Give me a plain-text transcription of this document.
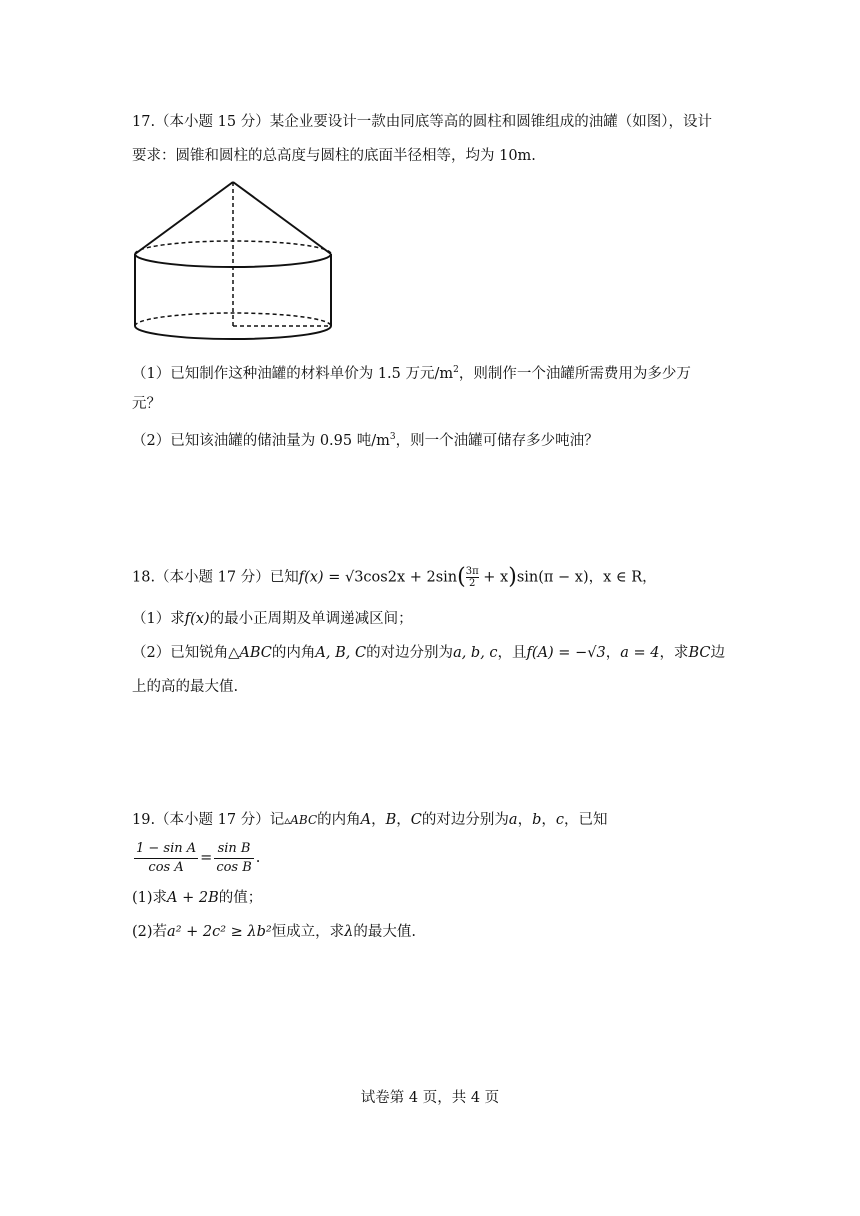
17.（本小题 15 分）某企业要设计一款由同底等高的圆柱和圆锥组成的油罐（如图），设计
要求：圆锥和圆柱的总高度与圆柱的底面半径相等，均为 10m.
（1）已知制作这种油罐的材料单价为 1.5 万元$/m^2$，则制作一个油罐所需费用为多少万
元？
（2）已知该油罐的储油量为 0.95 吨$/m^3$，则一个油罐可储存多少吨油？
18.（本小题 17 分）已知$f(x) = √3\cos 2x + 2\sin( \frac{3\pi}{2} + x)\sin(\pi - x)$，x ∈ R，
（1）求f(x)的最小正周期及单调递减区间；
（2）已知锐角△ABC的内角A, B, C的对边分别为a, b, c，且f(A) = −√3，a = 4，求BC边
上的高的最大值.
19.（本小题 17 分）记▵ABC的内角A，B，C的对边分别为a，b，c，已知
$\frac{\text{1 − sin A}}{\text{cos A}} = \frac{\text{sin B}}{\text{cos B}}$ .
(1)求A + 2B的值；
(2)若a² + 2c² ≥ λb²恒成立，求λ的最大值.
试卷第 4 页，共 4 页
